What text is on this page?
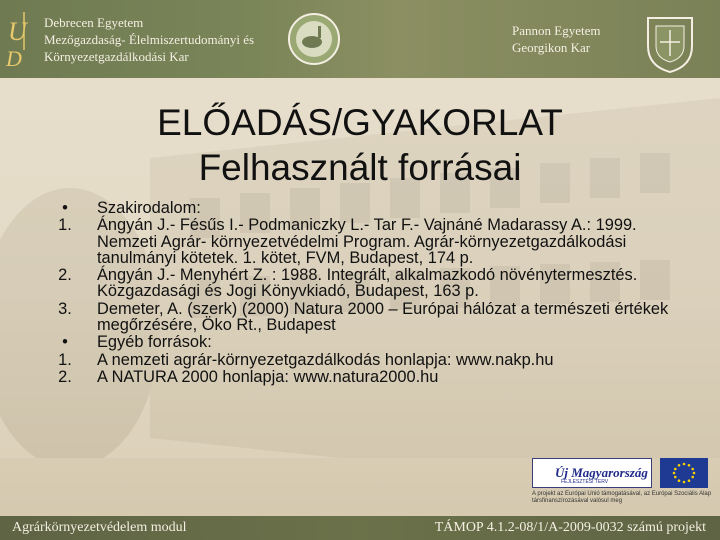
U
D
Debrecen Egyetem
Mezőgazdaság- Élelmiszertudományi és
Környezetgazdálkodási Kar
Pannon Egyetem
Georgikon Kar
ELŐADÁS/GYAKORLAT
Felhasznált forrásai
•	Szakirodalom:
1.	Ángyán J.- Fésűs I.- Podmaniczky L.- Tar F.- Vajnáné Madarassy A.: 1999. Nemzeti Agrár- környezetvédelmi Program. Agrár-környezetgazdálkodási tanulmányi kötetek. 1. kötet, FVM, Budapest, 174 p.
2.	Ángyán J.- Menyhért Z. : 1988. Integrált, alkalmazkodó növénytermesztés. Közgazdasági és Jogi Könyvkiadó, Budapest, 163 p.
3.	Demeter, A. (szerk) (2000) Natura 2000 – Európai hálózat a természeti értékek megőrzésére, Öko Rt., Budapest
•	Egyéb források:
1.	A nemzeti agrár-környezetgazdálkodás honlapja: www.nakp.hu
2.	A NATURA 2000 honlapja: www.natura2000.hu
Új Magyarország
FEJLESZTÉSI TERV
A projekt az Európai Unió támogatásával, az Európai Szociális Alap társfinanszírozásával valósul meg
Agrárkörnyezetvédelem modul	TÁMOP 4.1.2-08/1/A-2009-0032 számú projekt
